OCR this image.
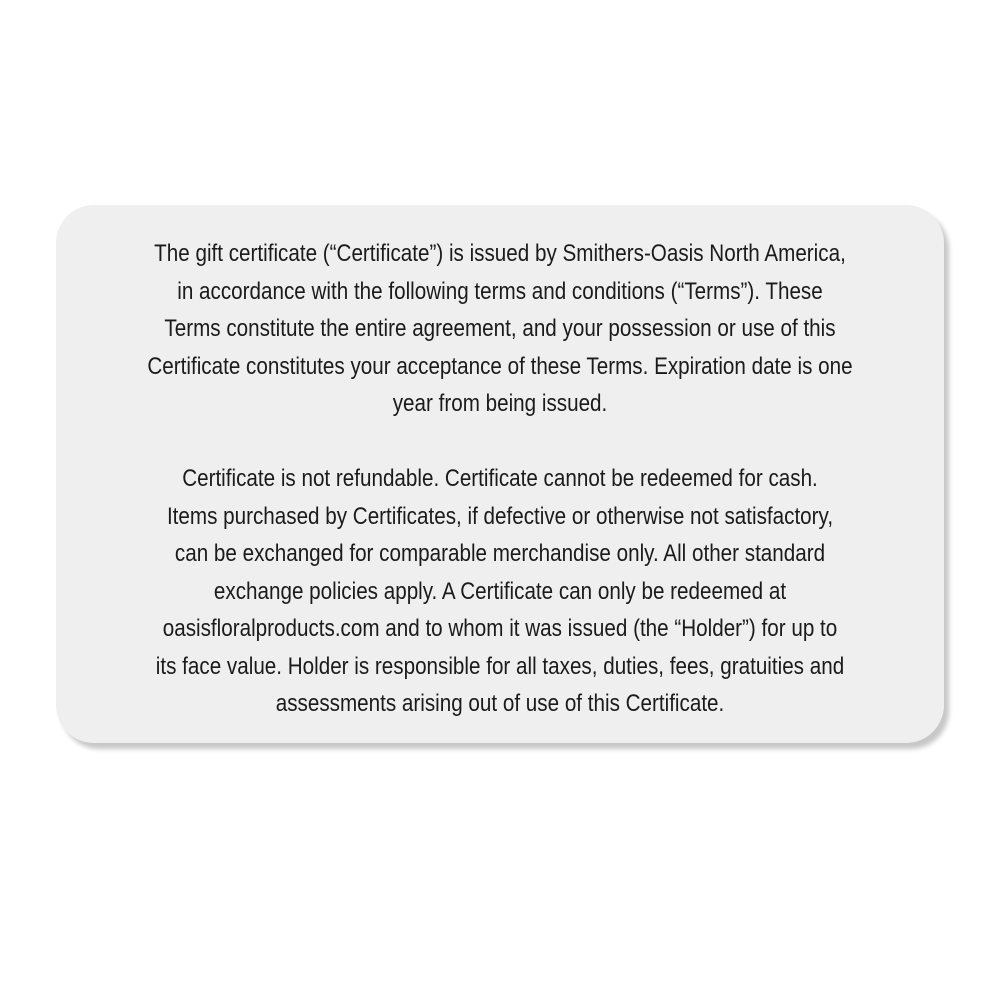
The gift certificate (“Certificate”) is issued by Smithers-Oasis North America,
in accordance with the following terms and conditions (“Terms”). These
Terms constitute the entire agreement, and your possession or use of this
Certificate constitutes your acceptance of these Terms. Expiration date is one
year from being issued.
Certificate is not refundable. Certificate cannot be redeemed for cash.
Items purchased by Certificates, if defective or otherwise not satisfactory,
can be exchanged for comparable merchandise only. All other standard
exchange policies apply. A Certificate can only be redeemed at
oasisfloralproducts.com and to whom it was issued (the “Holder”) for up to
its face value. Holder is responsible for all taxes, duties, fees, gratuities and
assessments arising out of use of this Certificate.
